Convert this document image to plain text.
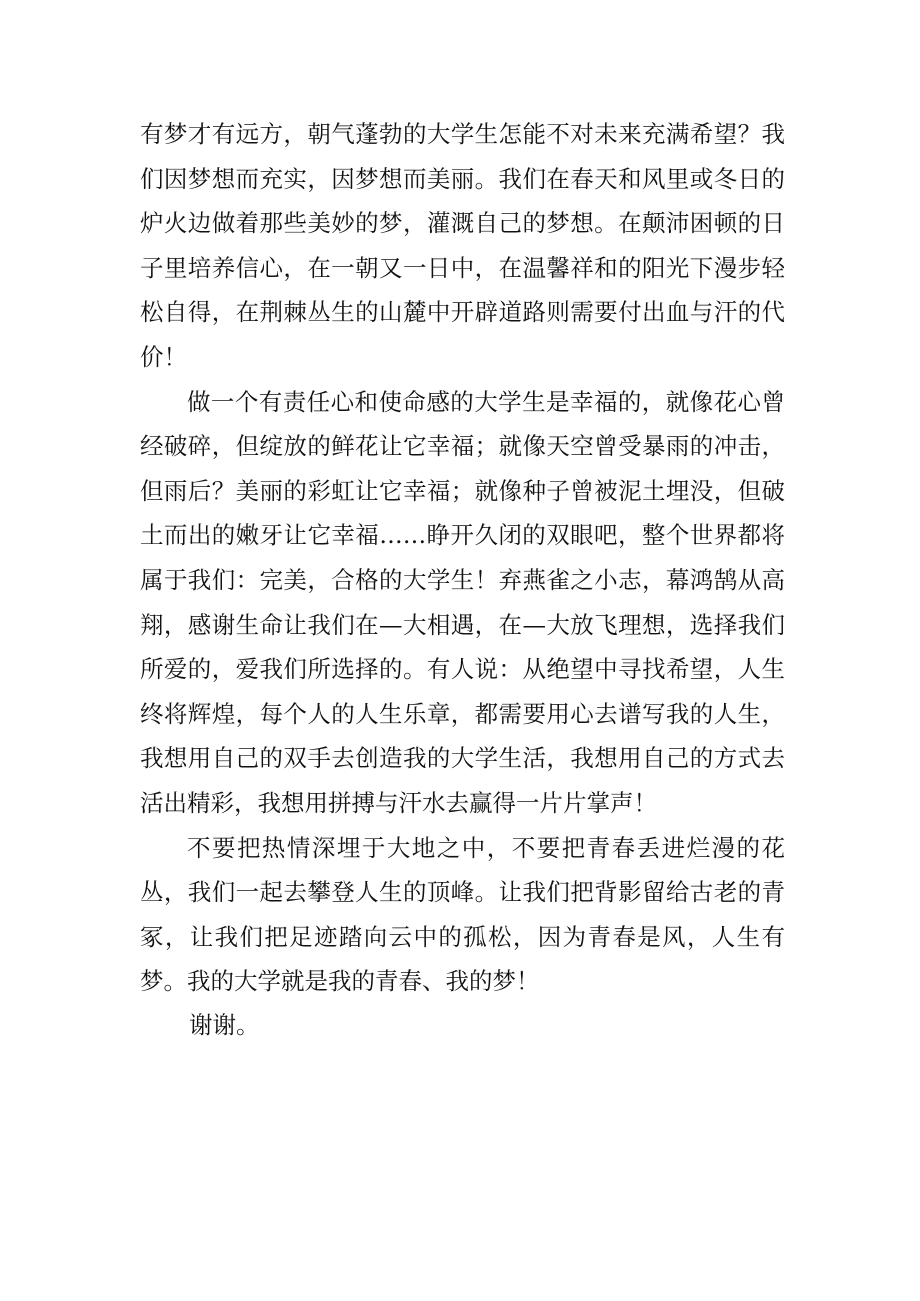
有梦才有远方，朝气蓬勃的大学生怎能不对未来充满希望？我们因梦想而充实，因梦想而美丽。我们在春天和风里或冬日的炉火边做着那些美妙的梦，灌溉自己的梦想。在颠沛困顿的日子里培养信心，在一朝又一日中，在温馨祥和的阳光下漫步轻松自得，在荆棘丛生的山麓中开辟道路则需要付出血与汗的代价！

做一个有责任心和使命感的大学生是幸福的，就像花心曾经破碎，但绽放的鲜花让它幸福；就像天空曾受暴雨的冲击，但雨后？美丽的彩虹让它幸福；就像种子曾被泥土埋没，但破土而出的嫩牙让它幸福……睁开久闭的双眼吧，整个世界都将属于我们：完美，合格的大学生！弃燕雀之小志，幕鸿鹄从高翔，感谢生命让我们在—大相遇，在—大放飞理想，选择我们所爱的，爱我们所选择的。有人说：从绝望中寻找希望，人生终将辉煌，每个人的人生乐章，都需要用心去谱写我的人生，我想用自己的双手去创造我的大学生活，我想用自己的方式去活出精彩，我想用拼搏与汗水去赢得一片片掌声！

不要把热情深埋于大地之中，不要把青春丢进烂漫的花丛，我们一起去攀登人生的顶峰。让我们把背影留给古老的青冢，让我们把足迹踏向云中的孤松，因为青春是风，人生有梦。我的大学就是我的青春、我的梦！

谢谢。
